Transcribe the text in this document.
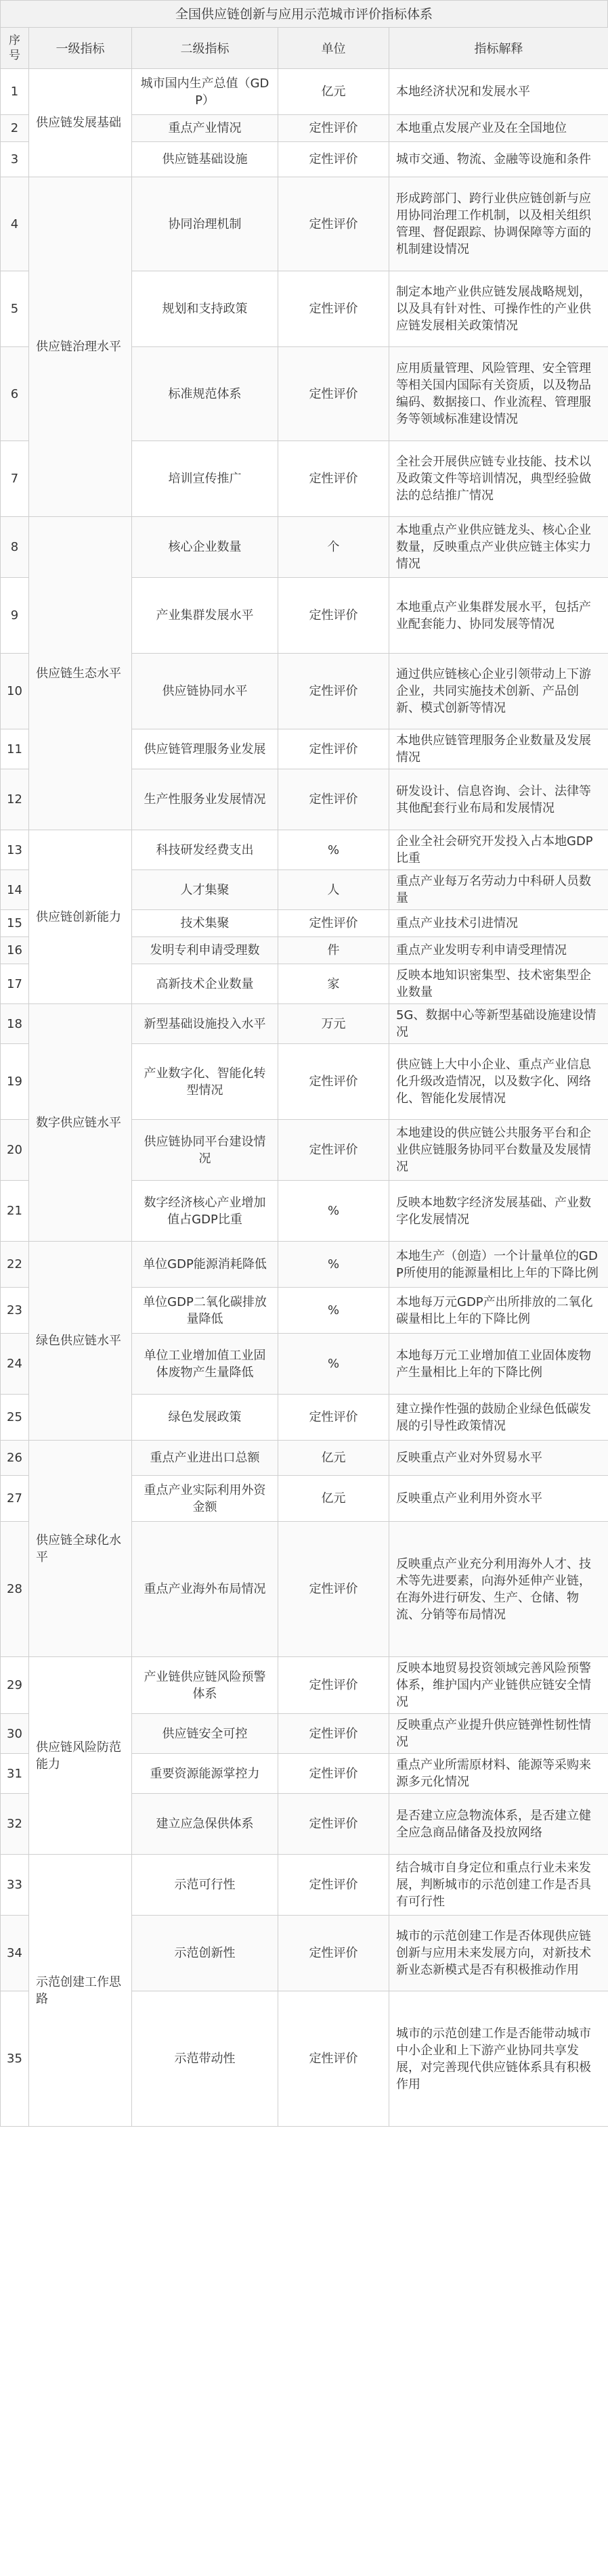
全国供应链创新与应用示范城市评价指标体系
序号	一级指标	二级指标	单位	指标解释
1	供应链发展基础	城市国内生产总值（GDP）	亿元	本地经济状况和发展水平
2		重点产业情况	定性评价	本地重点发展产业及在全国地位
3		供应链基础设施	定性评价	城市交通、物流、金融等设施和条件
4	供应链治理水平	协同治理机制	定性评价	形成跨部门、跨行业供应链创新与应用协同治理工作机制，以及相关组织管理、督促跟踪、协调保障等方面的机制建设情况
5		规划和支持政策	定性评价	制定本地产业供应链发展战略规划，以及具有针对性、可操作性的产业供应链发展相关政策情况
6		标准规范体系	定性评价	应用质量管理、风险管理、安全管理等相关国内国际有关资质，以及物品编码、数据接口、作业流程、管理服务等领域标准建设情况
7		培训宣传推广	定性评价	全社会开展供应链专业技能、技术以及政策文件等培训情况，典型经验做法的总结推广情况
8	供应链生态水平	核心企业数量	个	本地重点产业供应链龙头、核心企业数量，反映重点产业供应链主体实力情况
9		产业集群发展水平	定性评价	本地重点产业集群发展水平，包括产业配套能力、协同发展等情况
10		供应链协同水平	定性评价	通过供应链核心企业引领带动上下游企业，共同实施技术创新、产品创新、模式创新等情况
11		供应链管理服务业发展	定性评价	本地供应链管理服务企业数量及发展情况
12		生产性服务业发展情况	定性评价	研发设计、信息咨询、会计、法律等其他配套行业布局和发展情况
13	供应链创新能力	科技研发经费支出	%	企业全社会研究开发投入占本地GDP比重
14		人才集聚	人	重点产业每万名劳动力中科研人员数量
15		技术集聚	定性评价	重点产业技术引进情况
16		发明专利申请受理数	件	重点产业发明专利申请受理情况
17		高新技术企业数量	家	反映本地知识密集型、技术密集型企业数量
18	数字供应链水平	新型基础设施投入水平	万元	5G、数据中心等新型基础设施建设情况
19		产业数字化、智能化转型情况	定性评价	供应链上大中小企业、重点产业信息化升级改造情况，以及数字化、网络化、智能化发展情况
20		供应链协同平台建设情况	定性评价	本地建设的供应链公共服务平台和企业供应链服务协同平台数量及发展情况
21		数字经济核心产业增加值占GDP比重	%	反映本地数字经济发展基础、产业数字化发展情况
22	绿色供应链水平	单位GDP能源消耗降低	%	本地生产（创造）一个计量单位的GDP所使用的能源量相比上年的下降比例
23		单位GDP二氧化碳排放量降低	%	本地每万元GDP产出所排放的二氧化碳量相比上年的下降比例
24		单位工业增加值工业固体废物产生量降低	%	本地每万元工业增加值工业固体废物产生量相比上年的下降比例
25		绿色发展政策	定性评价	建立操作性强的鼓励企业绿色低碳发展的引导性政策情况
26	供应链全球化水平	重点产业进出口总额	亿元	反映重点产业对外贸易水平
27		重点产业实际利用外资金额	亿元	反映重点产业利用外资水平
28		重点产业海外布局情况	定性评价	反映重点产业充分利用海外人才、技术等先进要素，向海外延伸产业链，在海外进行研发、生产、仓储、物流、分销等布局情况
29	供应链风险防范能力	产业链供应链风险预警体系	定性评价	反映本地贸易投资领域完善风险预警体系，维护国内产业链供应链安全情况
30		供应链安全可控	定性评价	反映重点产业提升供应链弹性韧性情况
31		重要资源能源掌控力	定性评价	重点产业所需原材料、能源等采购来源多元化情况
32		建立应急保供体系	定性评价	是否建立应急物流体系，是否建立健全应急商品储备及投放网络
33	示范创建工作思路	示范可行性	定性评价	结合城市自身定位和重点行业未来发展，判断城市的示范创建工作是否具有可行性
34		示范创新性	定性评价	城市的示范创建工作是否体现供应链创新与应用未来发展方向，对新技术新业态新模式是否有积极推动作用
35		示范带动性	定性评价	城市的示范创建工作是否能带动城市中小企业和上下游产业协同共享发展，对完善现代供应链体系具有积极作用
